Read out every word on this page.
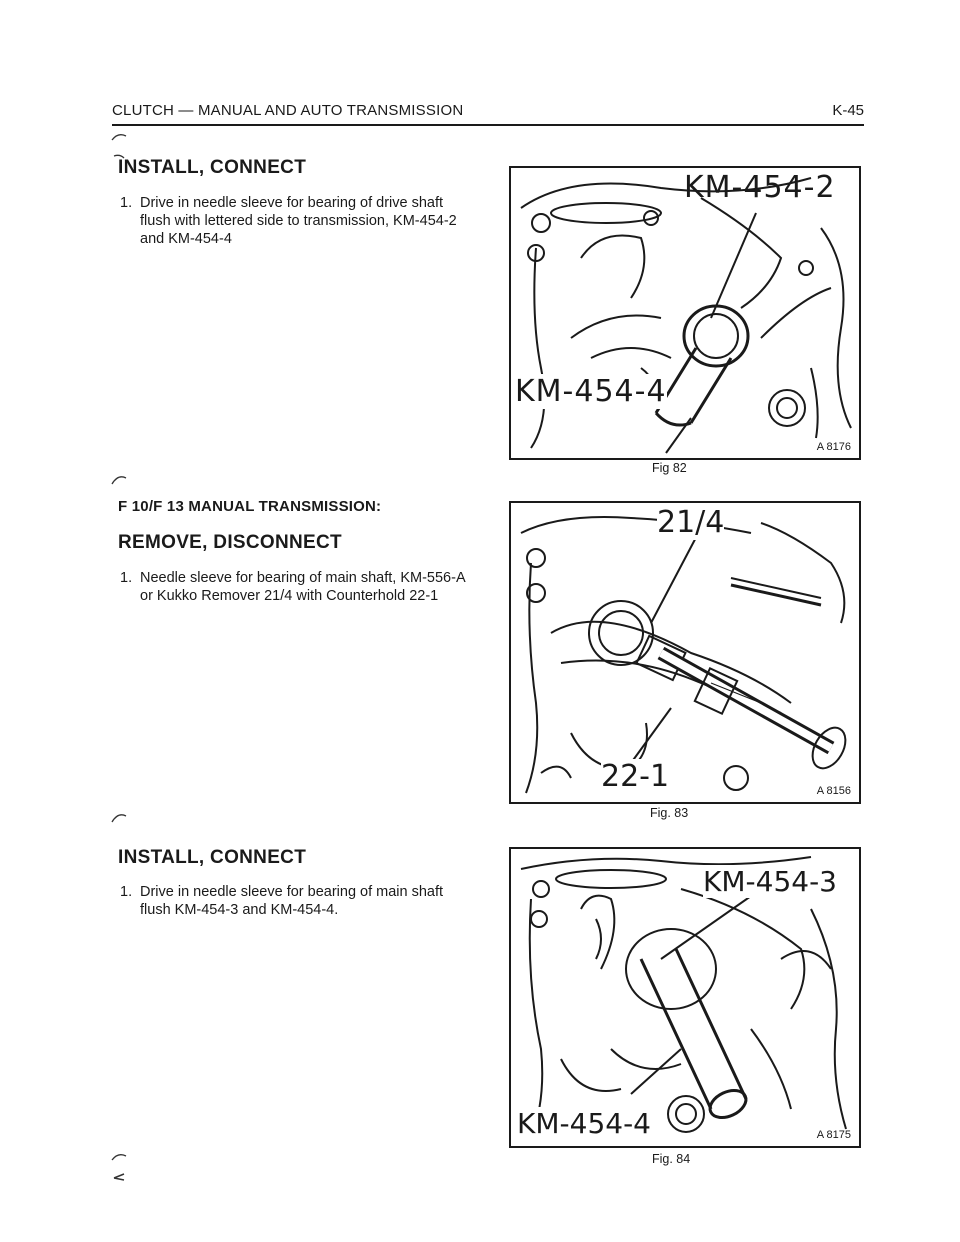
CLUTCH — MANUAL AND AUTO TRANSMISSION	K-45
INSTALL, CONNECT
1. Drive in needle sleeve for bearing of drive shaft flush with lettered side to transmission, KM-454-2 and KM-454-4
F 10/F 13 MANUAL TRANSMISSION:
REMOVE, DISCONNECT
1. Needle sleeve for bearing of main shaft, KM-556-A or Kukko Remover 21/4 with Counterhold 22-1
INSTALL, CONNECT
1. Drive in needle sleeve for bearing of main shaft flush KM-454-3 and KM-454-4.
KM-454-2
KM-454-4
A 8176
Fig 82
21/4
22-1	A 8156
Fig. 83
KM-454-3
KM-454-4	A 8175
Fig. 84
